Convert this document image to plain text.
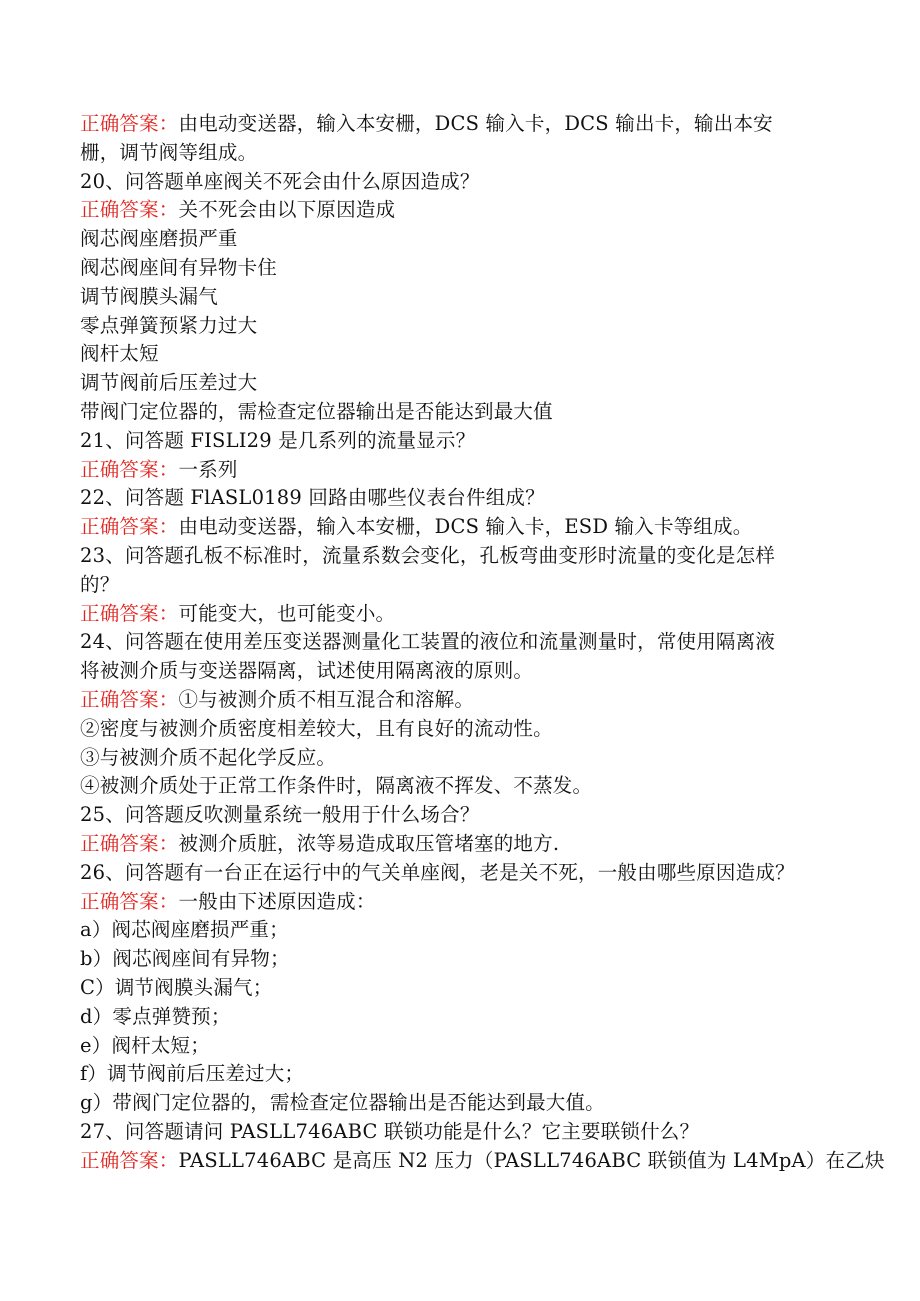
正确答案：由电动变送器，输入本安栅，DCS 输入卡，DCS 输出卡，输出本安
栅，调节阀等组成。
20、问答题单座阀关不死会由什么原因造成？
正确答案：关不死会由以下原因造成
阀芯阀座磨损严重
阀芯阀座间有异物卡住
调节阀膜头漏气
零点弹簧预紧力过大
阀杆太短
调节阀前后压差过大
带阀门定位器的，需检查定位器输出是否能达到最大值
21、问答题 FISLI29 是几系列的流量显示？
正确答案：一系列
22、问答题 FlASL0189 回路由哪些仪表台件组成？
正确答案：由电动变送器，输入本安栅，DCS 输入卡，ESD 输入卡等组成。
23、问答题孔板不标准时，流量系数会变化，孔板弯曲变形时流量的变化是怎样
的？
正确答案：可能变大，也可能变小。
24、问答题在使用差压变送器测量化工装置的液位和流量测量时，常使用隔离液
将被测介质与变送器隔离，试述使用隔离液的原则。
正确答案：①与被测介质不相互混合和溶解。
②密度与被测介质密度相差较大，且有良好的流动性。
③与被测介质不起化学反应。
④被测介质处于正常工作条件时，隔离液不挥发、不蒸发。
25、问答题反吹测量系统一般用于什么场合？
正确答案：被测介质脏，浓等易造成取压管堵塞的地方.
26、问答题有一台正在运行中的气关单座阀，老是关不死，一般由哪些原因造成？
正确答案：一般由下述原因造成：
a）阀芯阀座磨损严重；
b）阀芯阀座间有异物；
C）调节阀膜头漏气；
d）零点弹赞预；
e）阀杆太短；
f）调节阀前后压差过大；
g）带阀门定位器的，需检查定位器输出是否能达到最大值。
27、问答题请问 PASLL746ABC 联锁功能是什么？它主要联锁什么？
正确答案：PASLL746ABC 是高压 N2 压力（PASLL746ABC 联锁值为 L4MpA）在乙炔
